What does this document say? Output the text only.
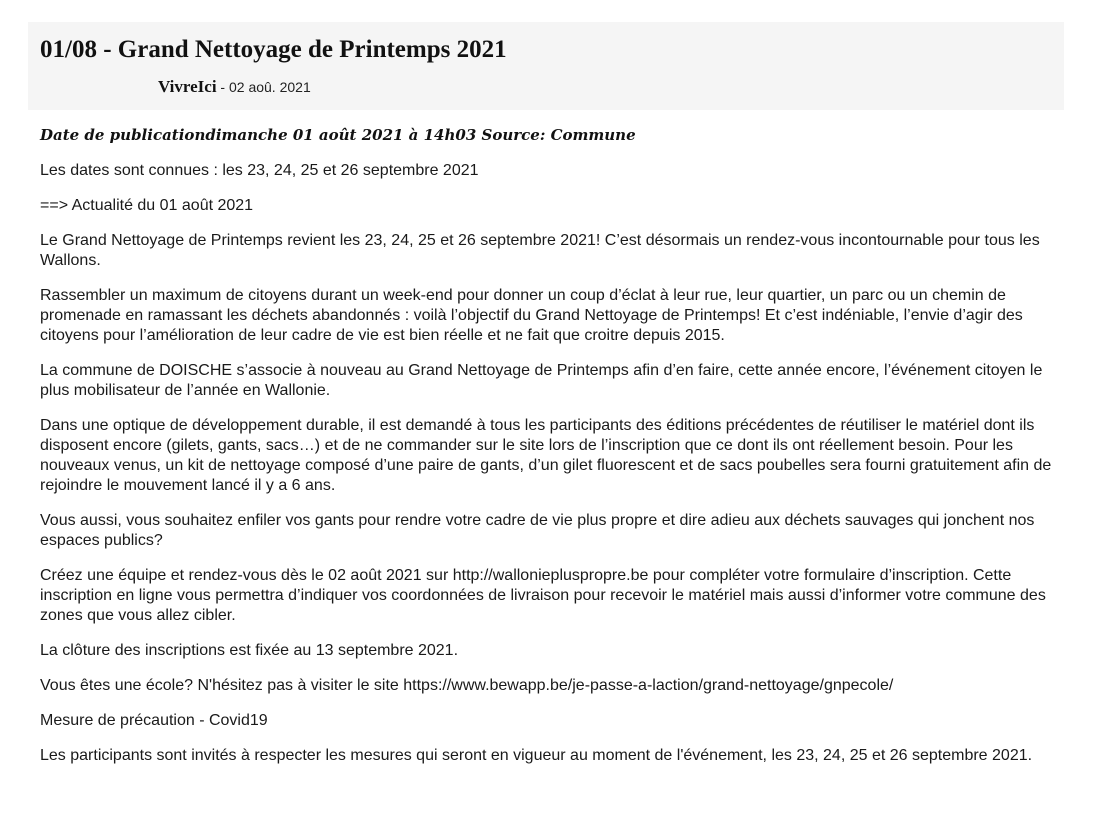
01/08 - Grand Nettoyage de Printemps 2021
VivreIci - 02 aoû. 2021

Date de publicationdimanche 01 août 2021 à 14h03 Source: Commune

Les dates sont connues : les 23, 24, 25 et 26 septembre 2021

==> Actualité du 01 août 2021

Le Grand Nettoyage de Printemps revient les 23, 24, 25 et 26 septembre 2021! C’est désormais un rendez-vous incontournable pour tous les Wallons.

Rassembler un maximum de citoyens durant un week-end pour donner un coup d’éclat à leur rue, leur quartier, un parc ou un chemin de promenade en ramassant les déchets abandonnés : voilà l’objectif du Grand Nettoyage de Printemps! Et c’est indéniable, l’envie d’agir des citoyens pour l’amélioration de leur cadre de vie est bien réelle et ne fait que croitre depuis 2015.

La commune de DOISCHE s’associe à nouveau au Grand Nettoyage de Printemps afin d’en faire, cette année encore, l’événement citoyen le plus mobilisateur de l’année en Wallonie.

Dans une optique de développement durable, il est demandé à tous les participants des éditions précédentes de réutiliser le matériel dont ils disposent encore (gilets, gants, sacs…) et de ne commander sur le site lors de l’inscription que ce dont ils ont réellement besoin. Pour les nouveaux venus, un kit de nettoyage composé d’une paire de gants, d’un gilet fluorescent et de sacs poubelles sera fourni gratuitement afin de rejoindre le mouvement lancé il y a 6 ans.

Vous aussi, vous souhaitez enfiler vos gants pour rendre votre cadre de vie plus propre et dire adieu aux déchets sauvages qui jonchent nos espaces publics?

Créez une équipe et rendez-vous dès le 02 août 2021 sur http://walloniepluspropre.be pour compléter votre formulaire d’inscription. Cette inscription en ligne vous permettra d’indiquer vos coordonnées de livraison pour recevoir le matériel mais aussi d’informer votre commune des zones que vous allez cibler.

La clôture des inscriptions est fixée au 13 septembre 2021.

Vous êtes une école? N'hésitez pas à visiter le site https://www.bewapp.be/je-passe-a-laction/grand-nettoyage/gnpecole/

Mesure de précaution - Covid19

Les participants sont invités à respecter les mesures qui seront en vigueur au moment de l'événement, les 23, 24, 25 et 26 septembre 2021.
